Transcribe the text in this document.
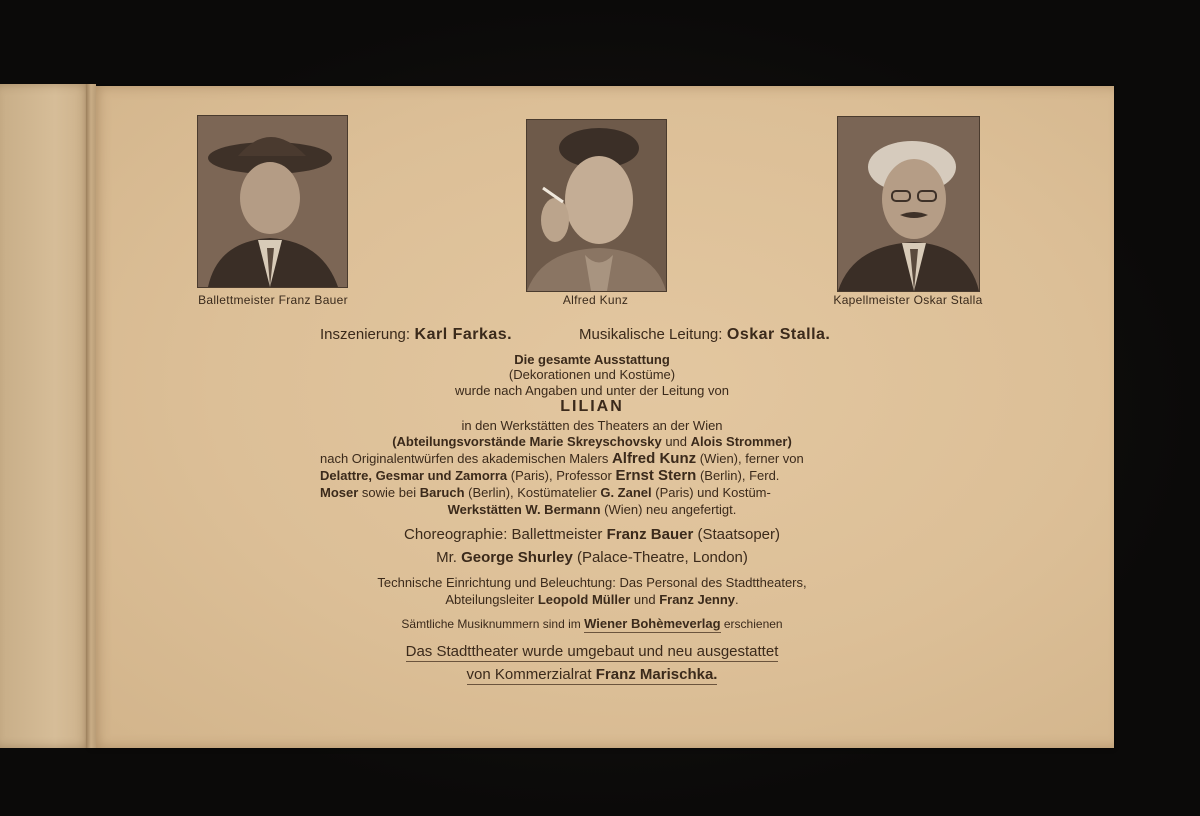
Ballettmeister Franz Bauer	Alfred Kunz	Kapellmeister Oskar Stalla
Inszenierung: Karl Farkas.	Musikalische Leitung: Oskar Stalla.
Die gesamte Ausstattung
(Dekorationen und Kostüme)
wurde nach Angaben und unter der Leitung von
LILIAN
in den Werkstätten des Theaters an der Wien
(Abteilungsvorstände Marie Skreyschovsky und Alois Strommer)
nach Originalentwürfen des akademischen Malers Alfred Kunz (Wien), ferner von
Delattre, Gesmar und Zamorra (Paris), Professor Ernst Stern (Berlin), Ferd.
Moser sowie bei Baruch (Berlin), Kostümatelier G. Zanel (Paris) und Kostüm-
Werkstätten W. Bermann (Wien) neu angefertigt.
Choreographie: Ballettmeister Franz Bauer (Staatsoper)
Mr. George Shurley (Palace-Theatre, London)
Technische Einrichtung und Beleuchtung: Das Personal des Stadttheaters,
Abteilungsleiter Leopold Müller und Franz Jenny.
Sämtliche Musiknummern sind im Wiener Bohèmeverlag erschienen
Das Stadttheater wurde umgebaut und neu ausgestattet
von Kommerzialrat Franz Marischka.
